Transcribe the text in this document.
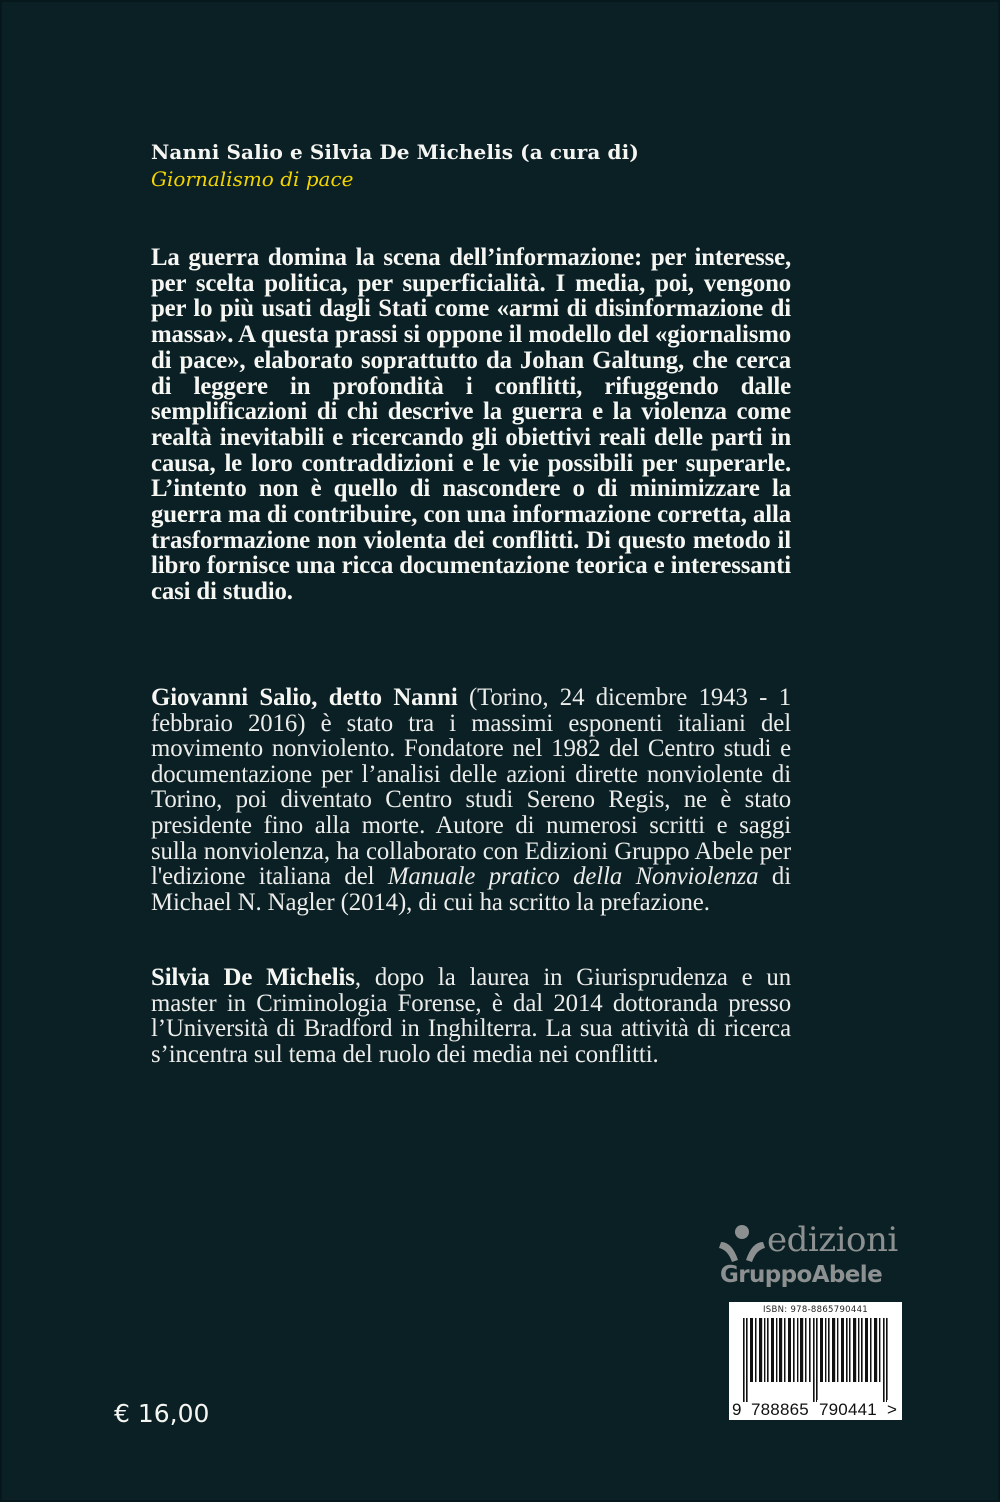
Nanni Salio e Silvia De Michelis (a cura di)
Giornalismo di pace
La guerra domina la scena dell’informazione: per interesse, per scelta politica, per superficialità. I media, poi, vengono per lo più usati dagli Stati come «armi di disinformazione di massa». A questa prassi si oppone il modello del «giornalismo di pace», elaborato soprattutto da Johan Galtung, che cerca di leggere in profondità i conflitti, rifuggendo dalle semplificazioni di chi descrive la guerra e la violenza come realtà inevitabili e ricercando gli obiettivi reali delle parti in causa, le loro contraddizioni e le vie possibili per superarle. L’intento non è quello di nascondere o di minimizzare la guerra ma di contribuire, con una informazione corretta, alla trasformazione non violenta dei conflitti. Di questo metodo il libro fornisce una ricca documentazione teorica e interessanti casi di studio.
Giovanni Salio, detto Nanni (Torino, 24 dicembre 1943 - 1 febbraio 2016) è stato tra i massimi esponenti italiani del movimento nonviolento. Fondatore nel 1982 del Centro studi e documentazione per l’analisi delle azioni dirette nonviolente di Torino, poi diventato Centro studi Sereno Regis, ne è stato presidente fino alla morte. Autore di numerosi scritti e saggi sulla nonviolenza, ha collaborato con Edizioni Gruppo Abele per l'edizione italiana del Manuale pratico della Nonviolenza di Michael N. Nagler (2014), di cui ha scritto la prefazione.
Silvia De Michelis, dopo la laurea in Giurisprudenza e un master in Criminologia Forense, è dal 2014 dottoranda presso l’Università di Bradford in Inghilterra. La sua attività di ricerca s’incentra sul tema del ruolo dei media nei conflitti.
edizioni
GruppoAbele
ISBN: 978-8865790441
9 788865 790441 >
€ 16,00
